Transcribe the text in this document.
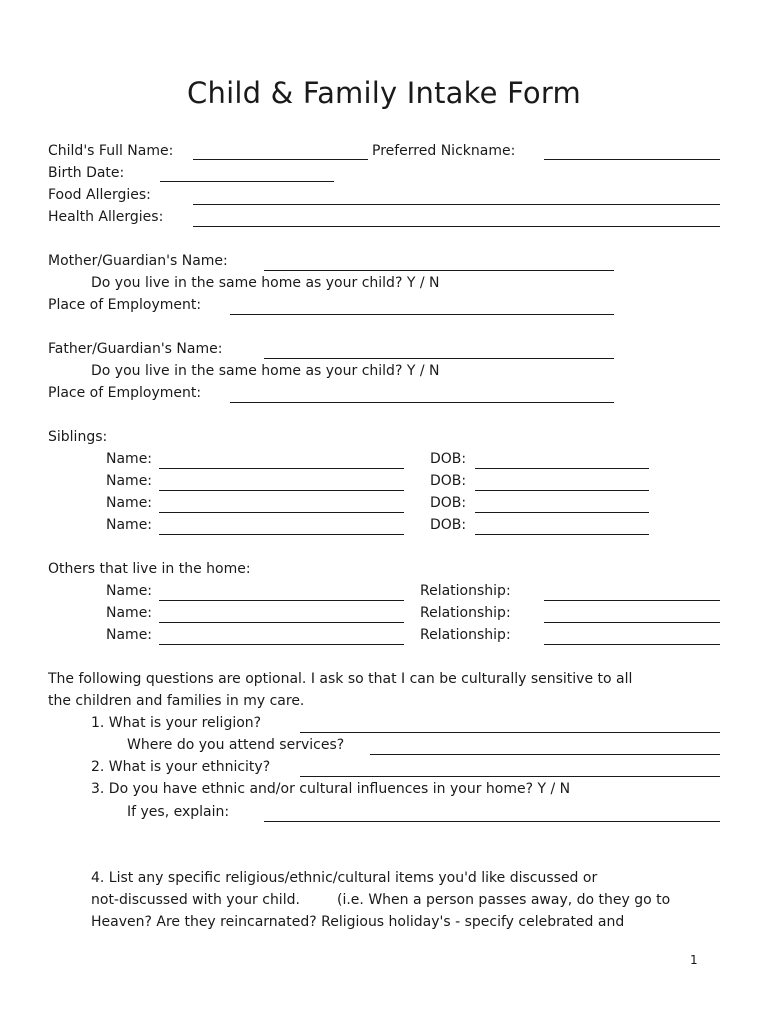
Child & Family Intake Form
Child's Full Name:	Preferred Nickname:
Birth Date:
Food Allergies:
Health Allergies:
Mother/Guardian's Name:
Do you live in the same home as your child? Y / N
Place of Employment:
Father/Guardian's Name:
Do you live in the same home as your child? Y / N
Place of Employment:
Siblings:
Name:	DOB:
Name:	DOB:
Name:	DOB:
Name:	DOB:
Others that live in the home:
Name:	Relationship:
Name:	Relationship:
Name:	Relationship:
The following questions are optional. I ask so that I can be culturally sensitive to all
the children and families in my care.
1. What is your religion?
Where do you attend services?
2. What is your ethnicity?
3. Do you have ethnic and/or cultural influences in your home? Y / N
If yes, explain:
4. List any specific religious/ethnic/cultural items you'd like discussed or
not-discussed with your child.	(i.e. When a person passes away, do they go to
Heaven? Are they reincarnated? Religious holiday's - specify celebrated and
1
